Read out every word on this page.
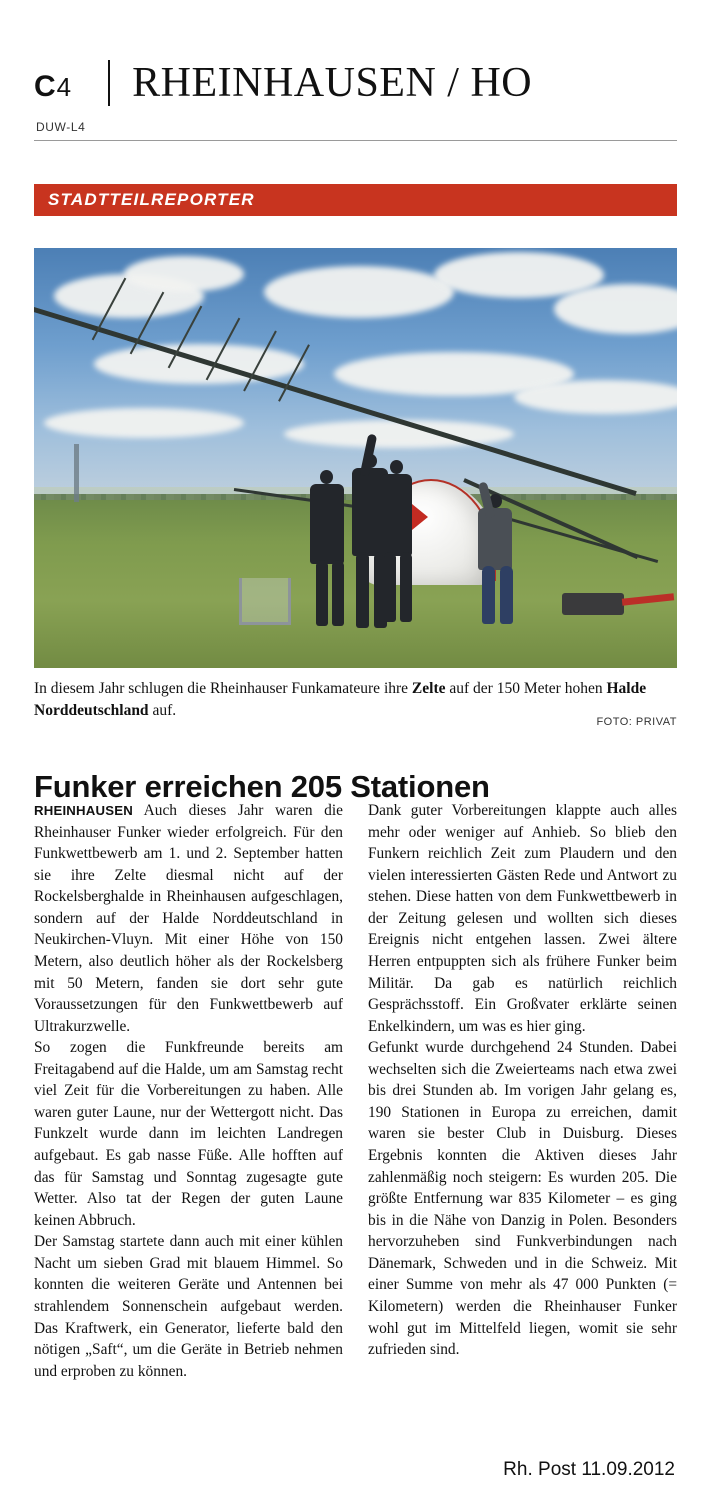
C4 RHEINHAUSEN / HO
DUW-L4
STADTTEILREPORTER
In diesem Jahr schlugen die Rheinhauser Funkamateure ihre Zelte auf der 150 Meter hohen Halde Norddeutschland auf.
FOTO: PRIVAT
Funker erreichen 205 Stationen

RHEINHAUSEN Auch dieses Jahr waren die Rheinhauser Funker wieder erfolgreich. Für den Funkwettbewerb am 1. und 2. September hatten sie ihre Zelte diesmal nicht auf der Rockelsberghalde in Rheinhausen aufgeschlagen, sondern auf der Halde Norddeutschland in Neukirchen-Vluyn. Mit einer Höhe von 150 Metern, also deutlich höher als der Rockelsberg mit 50 Metern, fanden sie dort sehr gute Voraussetzungen für den Funkwettbewerb auf Ultrakurzwelle.

So zogen die Funkfreunde bereits am Freitagabend auf die Halde, um am Samstag recht viel Zeit für die Vorbereitungen zu haben. Alle waren guter Laune, nur der Wettergott nicht. Das Funkzelt wurde dann im leichten Landregen aufgebaut. Es gab nasse Füße. Alle hofften auf das für Samstag und Sonntag zugesagte gute Wetter. Also tat der Regen der guten Laune keinen Abbruch.

Der Samstag startete dann auch mit einer kühlen Nacht um sieben Grad mit blauem Himmel. So konnten die weiteren Geräte und Antennen bei strahlendem Sonnenschein aufgebaut werden. Das Kraftwerk, ein Generator, lieferte bald den nötigen „Saft“, um die Geräte in Betrieb nehmen und erproben zu können.

Dank guter Vorbereitungen klappte auch alles mehr oder weniger auf Anhieb. So blieb den Funkern reichlich Zeit zum Plaudern und den vielen interessierten Gästen Rede und Antwort zu stehen. Diese hatten von dem Funkwettbewerb in der Zeitung gelesen und wollten sich dieses Ereignis nicht entgehen lassen. Zwei ältere Herren entpuppten sich als frühere Funker beim Militär. Da gab es natürlich reichlich Gesprächsstoff. Ein Großvater erklärte seinen Enkelkindern, um was es hier ging.

Gefunkt wurde durchgehend 24 Stunden. Dabei wechselten sich die Zweierteams nach etwa zwei bis drei Stunden ab. Im vorigen Jahr gelang es, 190 Stationen in Europa zu erreichen, damit waren sie bester Club in Duisburg. Dieses Ergebnis konnten die Aktiven dieses Jahr zahlenmäßig noch steigern: Es wurden 205. Die größte Entfernung war 835 Kilometer – es ging bis in die Nähe von Danzig in Polen. Besonders hervorzuheben sind Funkverbindungen nach Dänemark, Schweden und in die Schweiz. Mit einer Summe von mehr als 47 000 Punkten (= Kilometern) werden die Rheinhauser Funker wohl gut im Mittelfeld liegen, womit sie sehr zufrieden sind.

Rh. Post 11.09.2012
